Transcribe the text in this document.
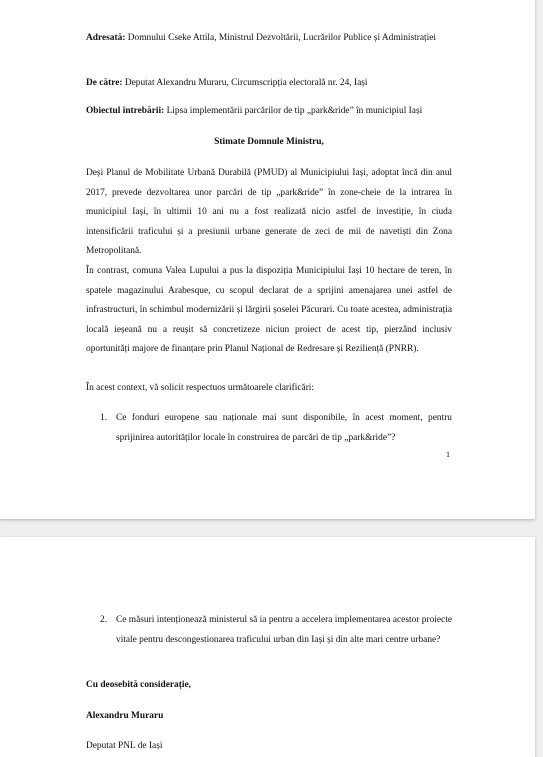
Adresată: Domnului Csеke Attila, Ministrul Dezvoltării, Lucrărilor Publice și Administrației

De către: Deputat Alexandru Muraru, Circumscripția electorală nr. 24, Iași

Obiectul întrebării: Lipsa implementării parcărilor de tip „park&ride” în municipiul Iași

Stimate Domnule Ministru,

Deși Planul de Mobilitate Urbană Durabilă (PMUD) al Municipiului Iași, adoptat încă din anul 2017, prevede dezvoltarea unor parcări de tip „park&ride” în zone-cheie de la intrarea în municipiul Iași, în ultimii 10 ani nu a fost realizată nicio astfel de investiție, în ciuda intensificării traficului și a presiunii urbane generate de zeci de mii de navetiști din Zona Metropolitană.

În contrast, comuna Valea Lupului a pus la dispoziția Municipiului Iași 10 hectare de teren, în spatele magazinului Arabesque, cu scopul declarat de a sprijini amenajarea unei astfel de infrastructuri, în schimbul modernizării și lărgirii șoselei Păcurari. Cu toate acestea, administrația locală ieșeană nu a reușit să concretizeze niciun proiect de acest tip, pierzând inclusiv oportunități majore de finanțare prin Planul Național de Redresare și Reziliență (PNRR).

În acest context, vă solicit respectuos următoarele clarificări:

1. Ce fonduri europene sau naționale mai sunt disponibile, în acest moment, pentru sprijinirea autorităților locale în construirea de parcări de tip „park&ride”?
1
2. Ce măsuri intenționează ministerul să ia pentru a accelera implementarea acestor proiecte vitale pentru descongestionarea traficului urban din Iași și din alte mari centre urbane?

Cu deosebită considerație,

Alexandru Muraru

Deputat PNL de Iași
